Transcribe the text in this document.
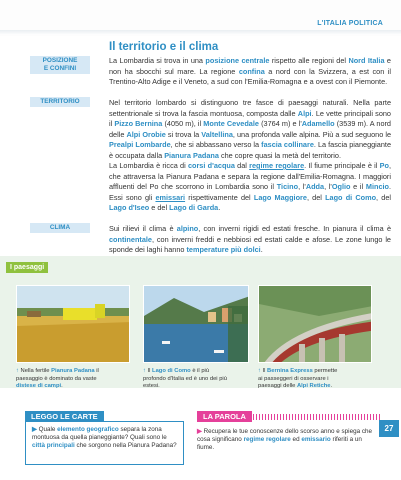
L'ITALIA POLITICA
Il territorio e il clima
POSIZIONE
E CONFINI
TERRITORIO
CLIMA

La Lombardia si trova in una posizione centrale rispetto alle regioni del Nord Italia e non ha sbocchi sul mare. La regione confina a nord con la Svizzera, a est con il Trentino-Alto Adige e il Veneto, a sud con l'Emilia-Romagna e a ovest con il Piemonte.

Nel territorio lombardo si distinguono tre fasce di paesaggi naturali. Nella parte settentrionale si trova la fascia montuosa, composta dalle Alpi. Le vette principali sono il Pizzo Bernina (4050 m), il Monte Cevedale (3764 m) e l'Adamello (3539 m). A nord delle Alpi Orobie si trova la Valtellina, una profonda valle alpina. Più a sud seguono le Prealpi Lombarde, che si abbassano verso la fascia collinare. La fascia pianeggiante è occupata dalla Pianura Padana che copre quasi la metà del territorio.

La Lombardia è ricca di corsi d'acqua dal regime regolare. Il fiume principale è il Po, che attraversa la Pianura Padana e separa la regione dall'Emilia-Romagna. I maggiori affluenti del Po che scorrono in Lombardia sono il Ticino, l'Adda, l'Oglio e il Mincio. Essi sono gli emissari rispettivamente del Lago Maggiore, del Lago di Como, del Lago d'Iseo e del Lago di Garda.

Sui rilievi il clima è alpino, con inverni rigidi ed estati fresche. In pianura il clima è continentale, con inverni freddi e nebbiosi ed estati calde e afose. Le zone lungo le sponde dei laghi hanno temperature più dolci.

I paesaggi
↑ Nella fertile Pianura Padana il paesaggio è dominato da vaste distese di campi.
↑ Il Lago di Como è il più profondo d'Italia ed è uno dei più estesi.
↑ Il Bernina Express permette ai passeggeri di osservare i paesaggi delle Alpi Retiche.
LEGGO LE CARTE
▶ Quale elemento geografico separa la zona montuosa da quella pianeggiante? Quali sono le città principali che sorgono nella Pianura Padana?
LA PAROLA
▶ Recupera le tue conoscenze dello scorso anno e spiega che cosa significano regime regolare ed emissario riferiti a un fiume.
27
